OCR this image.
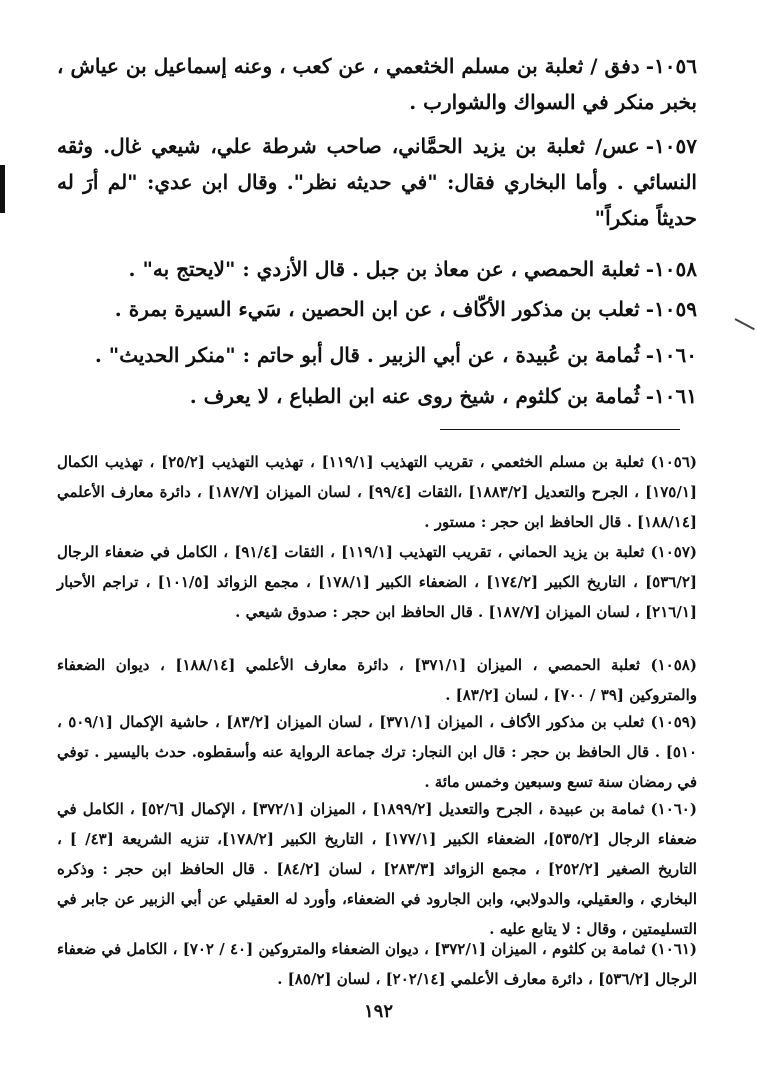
١٠٥٦-دفق / ثعلبة بن مسلم الخثعمي ، عن كعب ، وعنه إسماعيل بن عياش ، بخبر منكر في السواك والشوارب .
١٠٥٧-عس/ ثعلبة بن يزيد الحمَّاني، صاحب شرطة علي، شيعي غال. وثقه النسائي . وأما البخاري فقال: "في حديثه نظر". وقال ابن عدي: "لم أرَ له حديثاً منكراً"
١٠٥٨-ثعلبة الحمصي ، عن معاذ بن جبل . قال الأزدي : "لايحتج به" .
١٠٥٩-ثعلب بن مذكور الأكّاف ، عن ابن الحصين ، سَيء السيرة بمرة .
١٠٦٠-ثُمامة بن عُبيدة ، عن أبي الزبير . قال أبو حاتم : "منكر الحديث" .
١٠٦١-ثُمامة بن كلثوم ، شيخ روى عنه ابن الطباع ، لا يعرف .
(١٠٥٦) ثعلبة بن مسلم الخثعمي ، تقريب التهذيب [١١٩/١] ، تهذيب التهذيب [٢٥/٢] ، تهذيب الكمال [١٧٥/١] ، الجرح والتعديل [١٨٨٣/٢] ،الثقات [٩٩/٤] ، لسان الميزان [١٨٧/٧] ، دائرة معارف الأعلمي [١٨٨/١٤] . قال الحافظ ابن حجر : مستور .
(١٠٥٧) ثعلبة بن يزيد الحماني ، تقريب التهذيب [١١٩/١] ، الثقات [٩١/٤] ، الكامل في ضعفاء الرجال [٥٣٦/٢] ، التاريخ الكبير [١٧٤/٢] ، الضعفاء الكبير [١٧٨/١] ، مجمع الزوائد [١٠١/٥] ، تراجم الأحبار [٢١٦/١] ، لسان الميزان [١٨٧/٧] . قال الحافظ ابن حجر : صدوق شيعي .
(١٠٥٨) ثعلبة الحمصي ، الميزان [٣٧١/١] ، دائرة معارف الأعلمي [١٨٨/١٤] ، ديوان الضعفاء والمتروكين [٣٩ / ٧٠٠] ، لسان [٨٣/٢] .
(١٠٥٩) ثعلب بن مذكور الأكاف ، الميزان [٣٧١/١] ، لسان الميزان [٨٣/٢] ، حاشية الإكمال [٥٠٩/١ ، ٥١٠] . قال الحافظ بن حجر : قال ابن النجار: ترك جماعة الرواية عنه وأسقطوه. حدث باليسير . توفي في رمضان سنة تسع وسبعين وخمس مائة .
(١٠٦٠) ثمامة بن عبيدة ، الجرح والتعديل [١٨٩٩/٢] ، الميزان [٣٧٢/١] ، الإكمال [٥٢/٦] ، الكامل في ضعفاء الرجال [٥٣٥/٢]، الضعفاء الكبير [١٧٧/١] ، التاريخ الكبير [١٧٨/٢]، تنزيه الشريعة [٤٣/ ] ، التاريخ الصغير [٢٥٢/٢] ، مجمع الزوائد [٢٨٣/٣] ، لسان [٨٤/٢] . قال الحافظ ابن حجر : وذكره البخاري ، والعقيلي، والدولابي، وابن الجارود في الضعفاء، وأورد له العقيلي عن أبي الزبير عن جابر في التسليمتين ، وقال : لا يتابع عليه .
(١٠٦١) ثمامة بن كلثوم ، الميزان [٣٧٢/١] ، ديوان الضعفاء والمتروكين [٤٠ / ٧٠٢] ، الكامل في ضعفاء الرجال [٥٣٦/٢] ، دائرة معارف الأعلمي [٢٠٢/١٤] ، لسان [٨٥/٢] .
١٩٢
